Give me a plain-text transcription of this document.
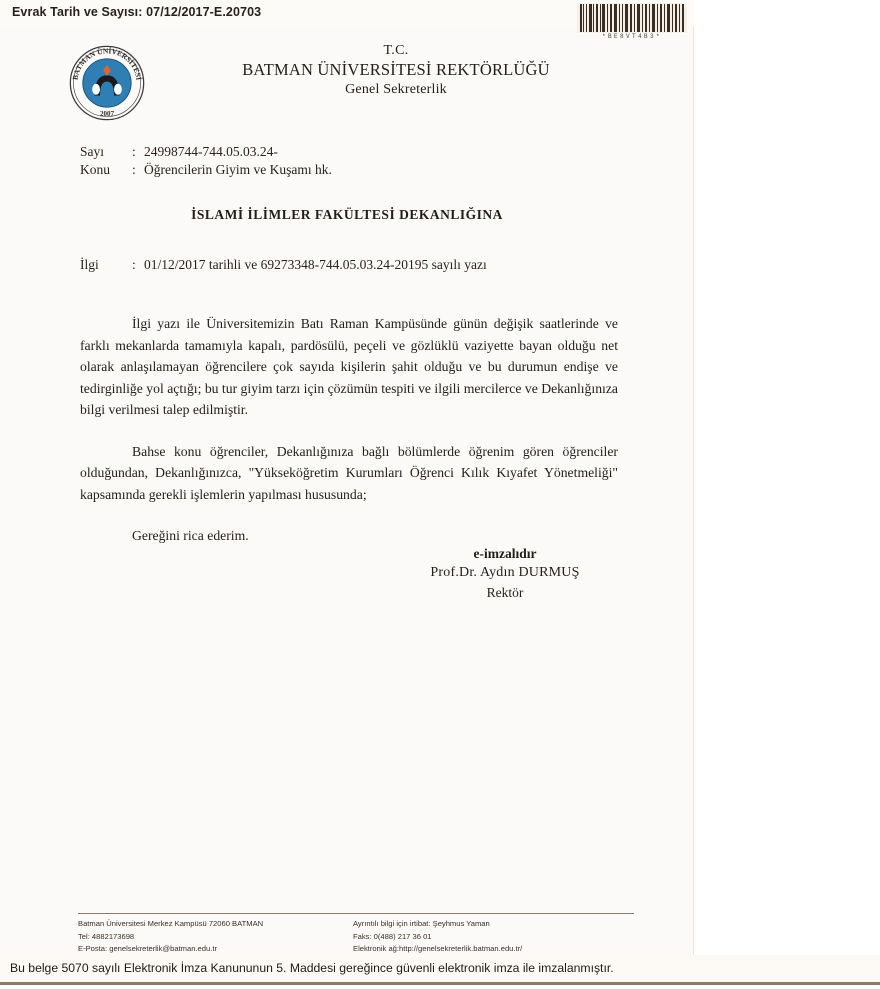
Evrak Tarih ve Sayısı: 07/12/2017-E.20703
*BE8VT4B3*
BATMAN ÜNİVERSİTESİ
2007
T.C.
BATMAN ÜNİVERSİTESİ REKTÖRLÜĞÜ
Genel Sekreterlik
Sayı	: 24998744-744.05.03.24-
Konu	: Öğrencilerin Giyim ve Kuşamı hk.
İSLAMİ İLİMLER FAKÜLTESİ DEKANLIĞINA
İlgi	: 01/12/2017 tarihli ve 69273348-744.05.03.24-20195 sayılı yazı

İlgi yazı ile Üniversitemizin Batı Raman Kampüsünde günün değişik saatlerinde ve farklı mekanlarda tamamıyla kapalı, pardösülü, peçeli ve gözlüklü vaziyette bayan olduğu net olarak anlaşılamayan öğrencilere çok sayıda kişilerin şahit olduğu ve bu durumun endişe ve tedirginliğe yol açtığı; bu tur giyim tarzı için çözümün tespiti ve ilgili mercilerce ve Dekanlığınıza bilgi verilmesi talep edilmiştir.

Bahse konu öğrenciler, Dekanlığınıza bağlı bölümlerde öğrenim gören öğrenciler olduğundan, Dekanlığınızca, "Yükseköğretim Kurumları Öğrenci Kılık Kıyafet Yönetmeliği" kapsamında gerekli işlemlerin yapılması hususunda;

Gereğini rica ederim.

e-imzalıdır
Prof.Dr. Aydın DURMUŞ
Rektör
Batman Üniversitesi Merkez Kampüsü 72060 BATMAN
Tel: 4882173698
E-Posta: genelsekreterlik@batman.edu.tr
Ayrıntılı bilgi için irtibat: Şeyhmus Yaman
Faks: 0(488) 217 36 01
Elektronik ağ:http://genelsekreterlik.batman.edu.tr/
Bu belge 5070 sayılı Elektronik İmza Kanununun 5. Maddesi gereğince güvenli elektronik imza ile imzalanmıştır.
